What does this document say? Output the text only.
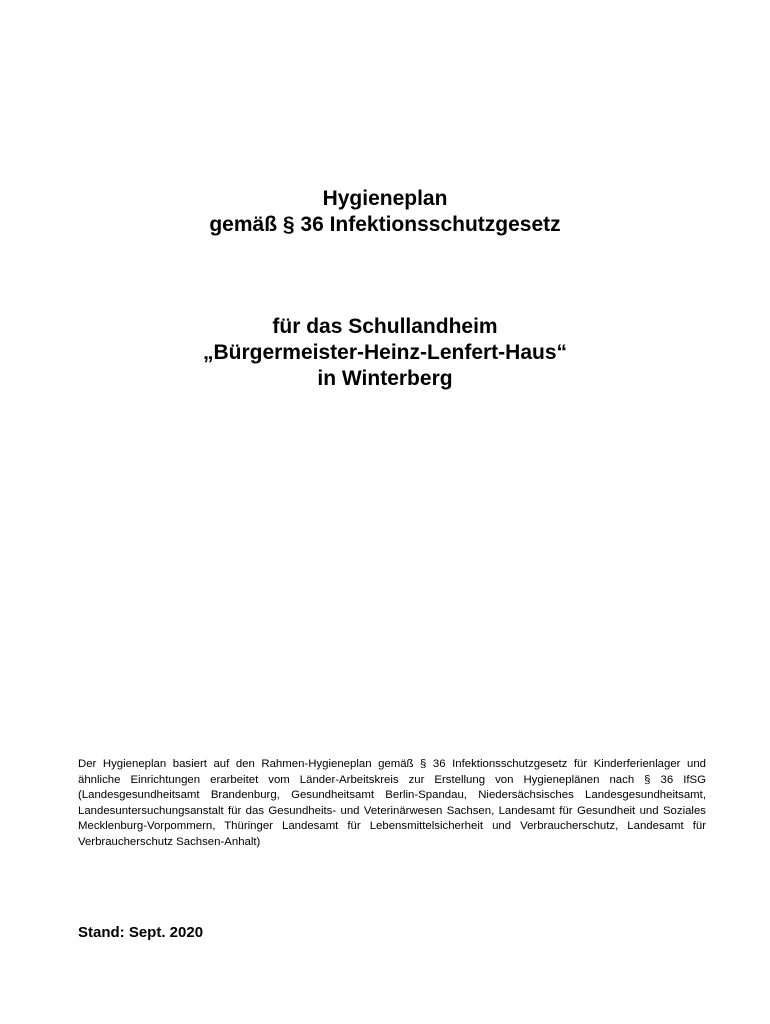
Hygieneplan
gemäß § 36 Infektionsschutzgesetz
für das Schullandheim
„Bürgermeister-Heinz-Lenfert-Haus“
in Winterberg
Der Hygieneplan basiert auf den Rahmen-Hygieneplan gemäß § 36 Infektionsschutzgesetz für Kinderferienlager und ähnliche Einrichtungen erarbeitet vom Länder-Arbeitskreis zur Erstellung von Hygieneplänen nach § 36 IfSG (Landesgesundheitsamt Brandenburg, Gesundheitsamt Berlin-Spandau, Niedersächsisches Landesgesundheitsamt, Landesuntersuchungsanstalt für das Gesundheits- und Veterinärwesen Sachsen, Landesamt für Gesundheit und Soziales Mecklenburg-Vorpommern, Thüringer Landesamt für Lebensmittelsicherheit und Verbraucherschutz, Landesamt für Verbraucherschutz Sachsen-Anhalt)
Stand: Sept. 2020
